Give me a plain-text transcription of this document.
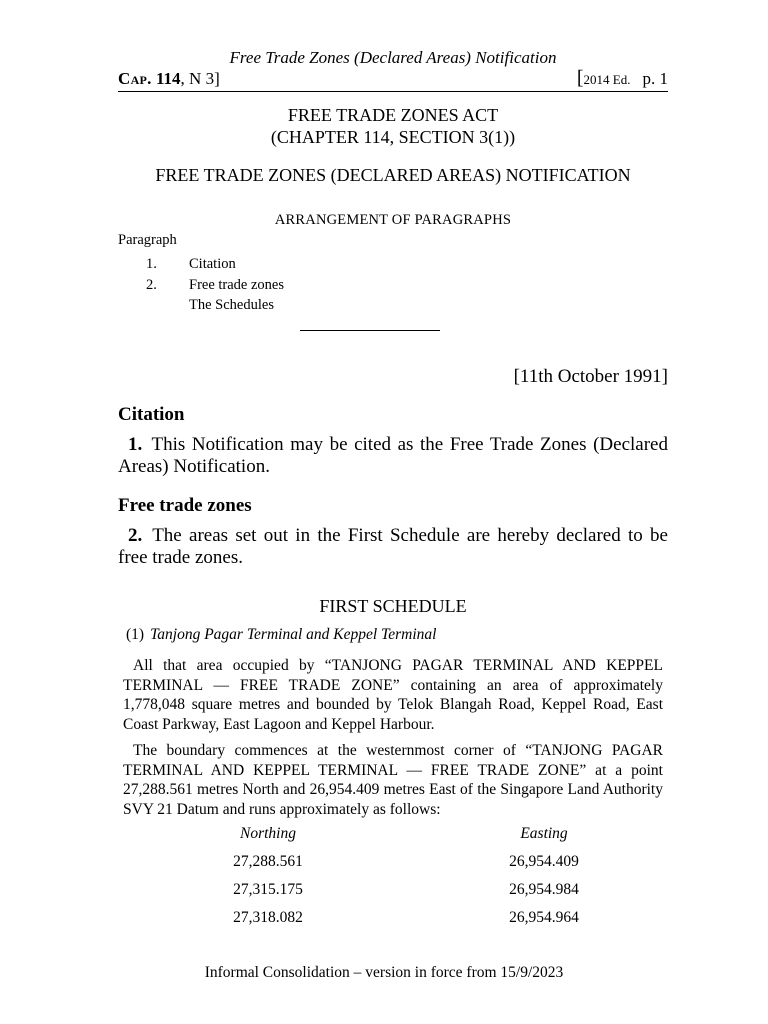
Cap. 114, N 3]
Free Trade Zones (Declared Areas) Notification
[2014 Ed. p. 1
FREE TRADE ZONES ACT
(CHAPTER 114, SECTION 3(1))
FREE TRADE ZONES (DECLARED AREAS) NOTIFICATION
ARRANGEMENT OF PARAGRAPHS
Paragraph
1.	Citation
2.	Free trade zones
The Schedules
[11th October 1991]
Citation
1. This Notification may be cited as the Free Trade Zones (Declared Areas) Notification.
Free trade zones
2. The areas set out in the First Schedule are hereby declared to be free trade zones.
FIRST SCHEDULE
(1) Tanjong Pagar Terminal and Keppel Terminal
All that area occupied by “TANJONG PAGAR TERMINAL AND KEPPEL TERMINAL — FREE TRADE ZONE” containing an area of approximately 1,778,048 square metres and bounded by Telok Blangah Road, Keppel Road, East Coast Parkway, East Lagoon and Keppel Harbour.
The boundary commences at the westernmost corner of “TANJONG PAGAR TERMINAL AND KEPPEL TERMINAL — FREE TRADE ZONE” at a point 27,288.561 metres North and 26,954.409 metres East of the Singapore Land Authority SVY 21 Datum and runs approximately as follows:
Northing	Easting
27,288.561	26,954.409
27,315.175	26,954.984
27,318.082	26,954.964
Informal Consolidation – version in force from 15/9/2023
